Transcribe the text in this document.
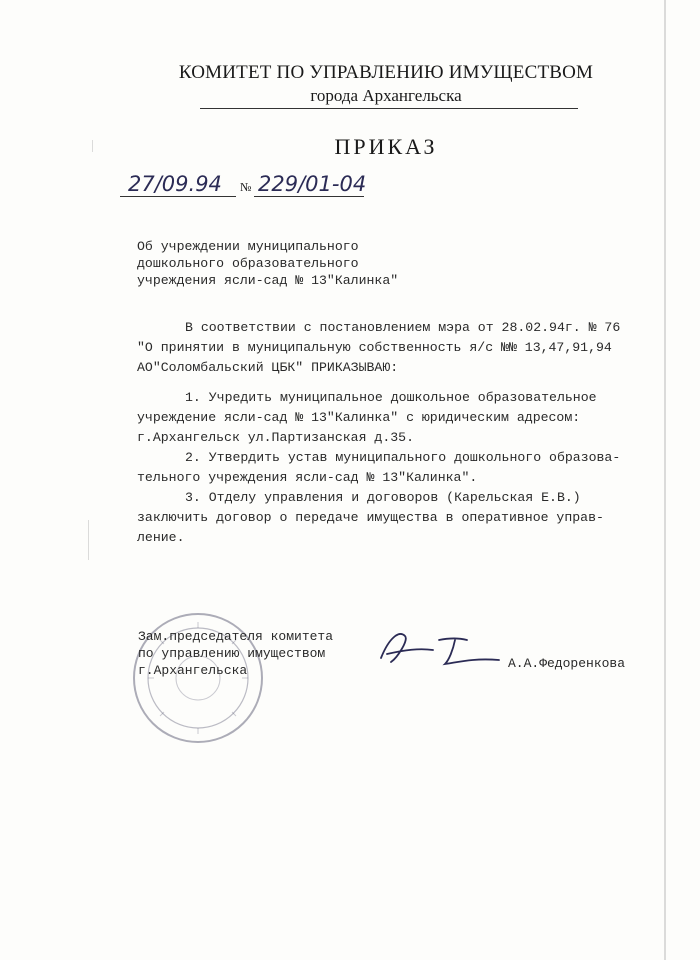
КОМИТЕТ ПО УПРАВЛЕНИЮ ИМУЩЕСТВОМ
города Архангельска
ПРИКАЗ
27/09.94 № 229/01-04
Об учреждении муниципального
дошкольного образовательного
учреждения ясли-сад № 13"Калинка"
В соответствии с постановлением мэра от 28.02.94г. № 76
"О принятии в муниципальную собственность я/с №№ 13,47,91,94
АО"Соломбальский ЦБК" ПРИКАЗЫВАЮ:
1. Учредить муниципальное дошкольное образовательное
учреждение ясли-сад № 13"Калинка" с юридическим адресом:
г.Архангельск ул.Партизанская д.35.
2. Утвердить устав муниципального дошкольного образова-
тельного учреждения ясли-сад № 13"Калинка".
3. Отделу управления и договоров (Карельская Е.В.)
заключить договор о передаче имущества в оперативное управ-
ление.
Зам.председателя комитета
по управлению имуществом
г.Архангельска	А.А.Федоренкова
